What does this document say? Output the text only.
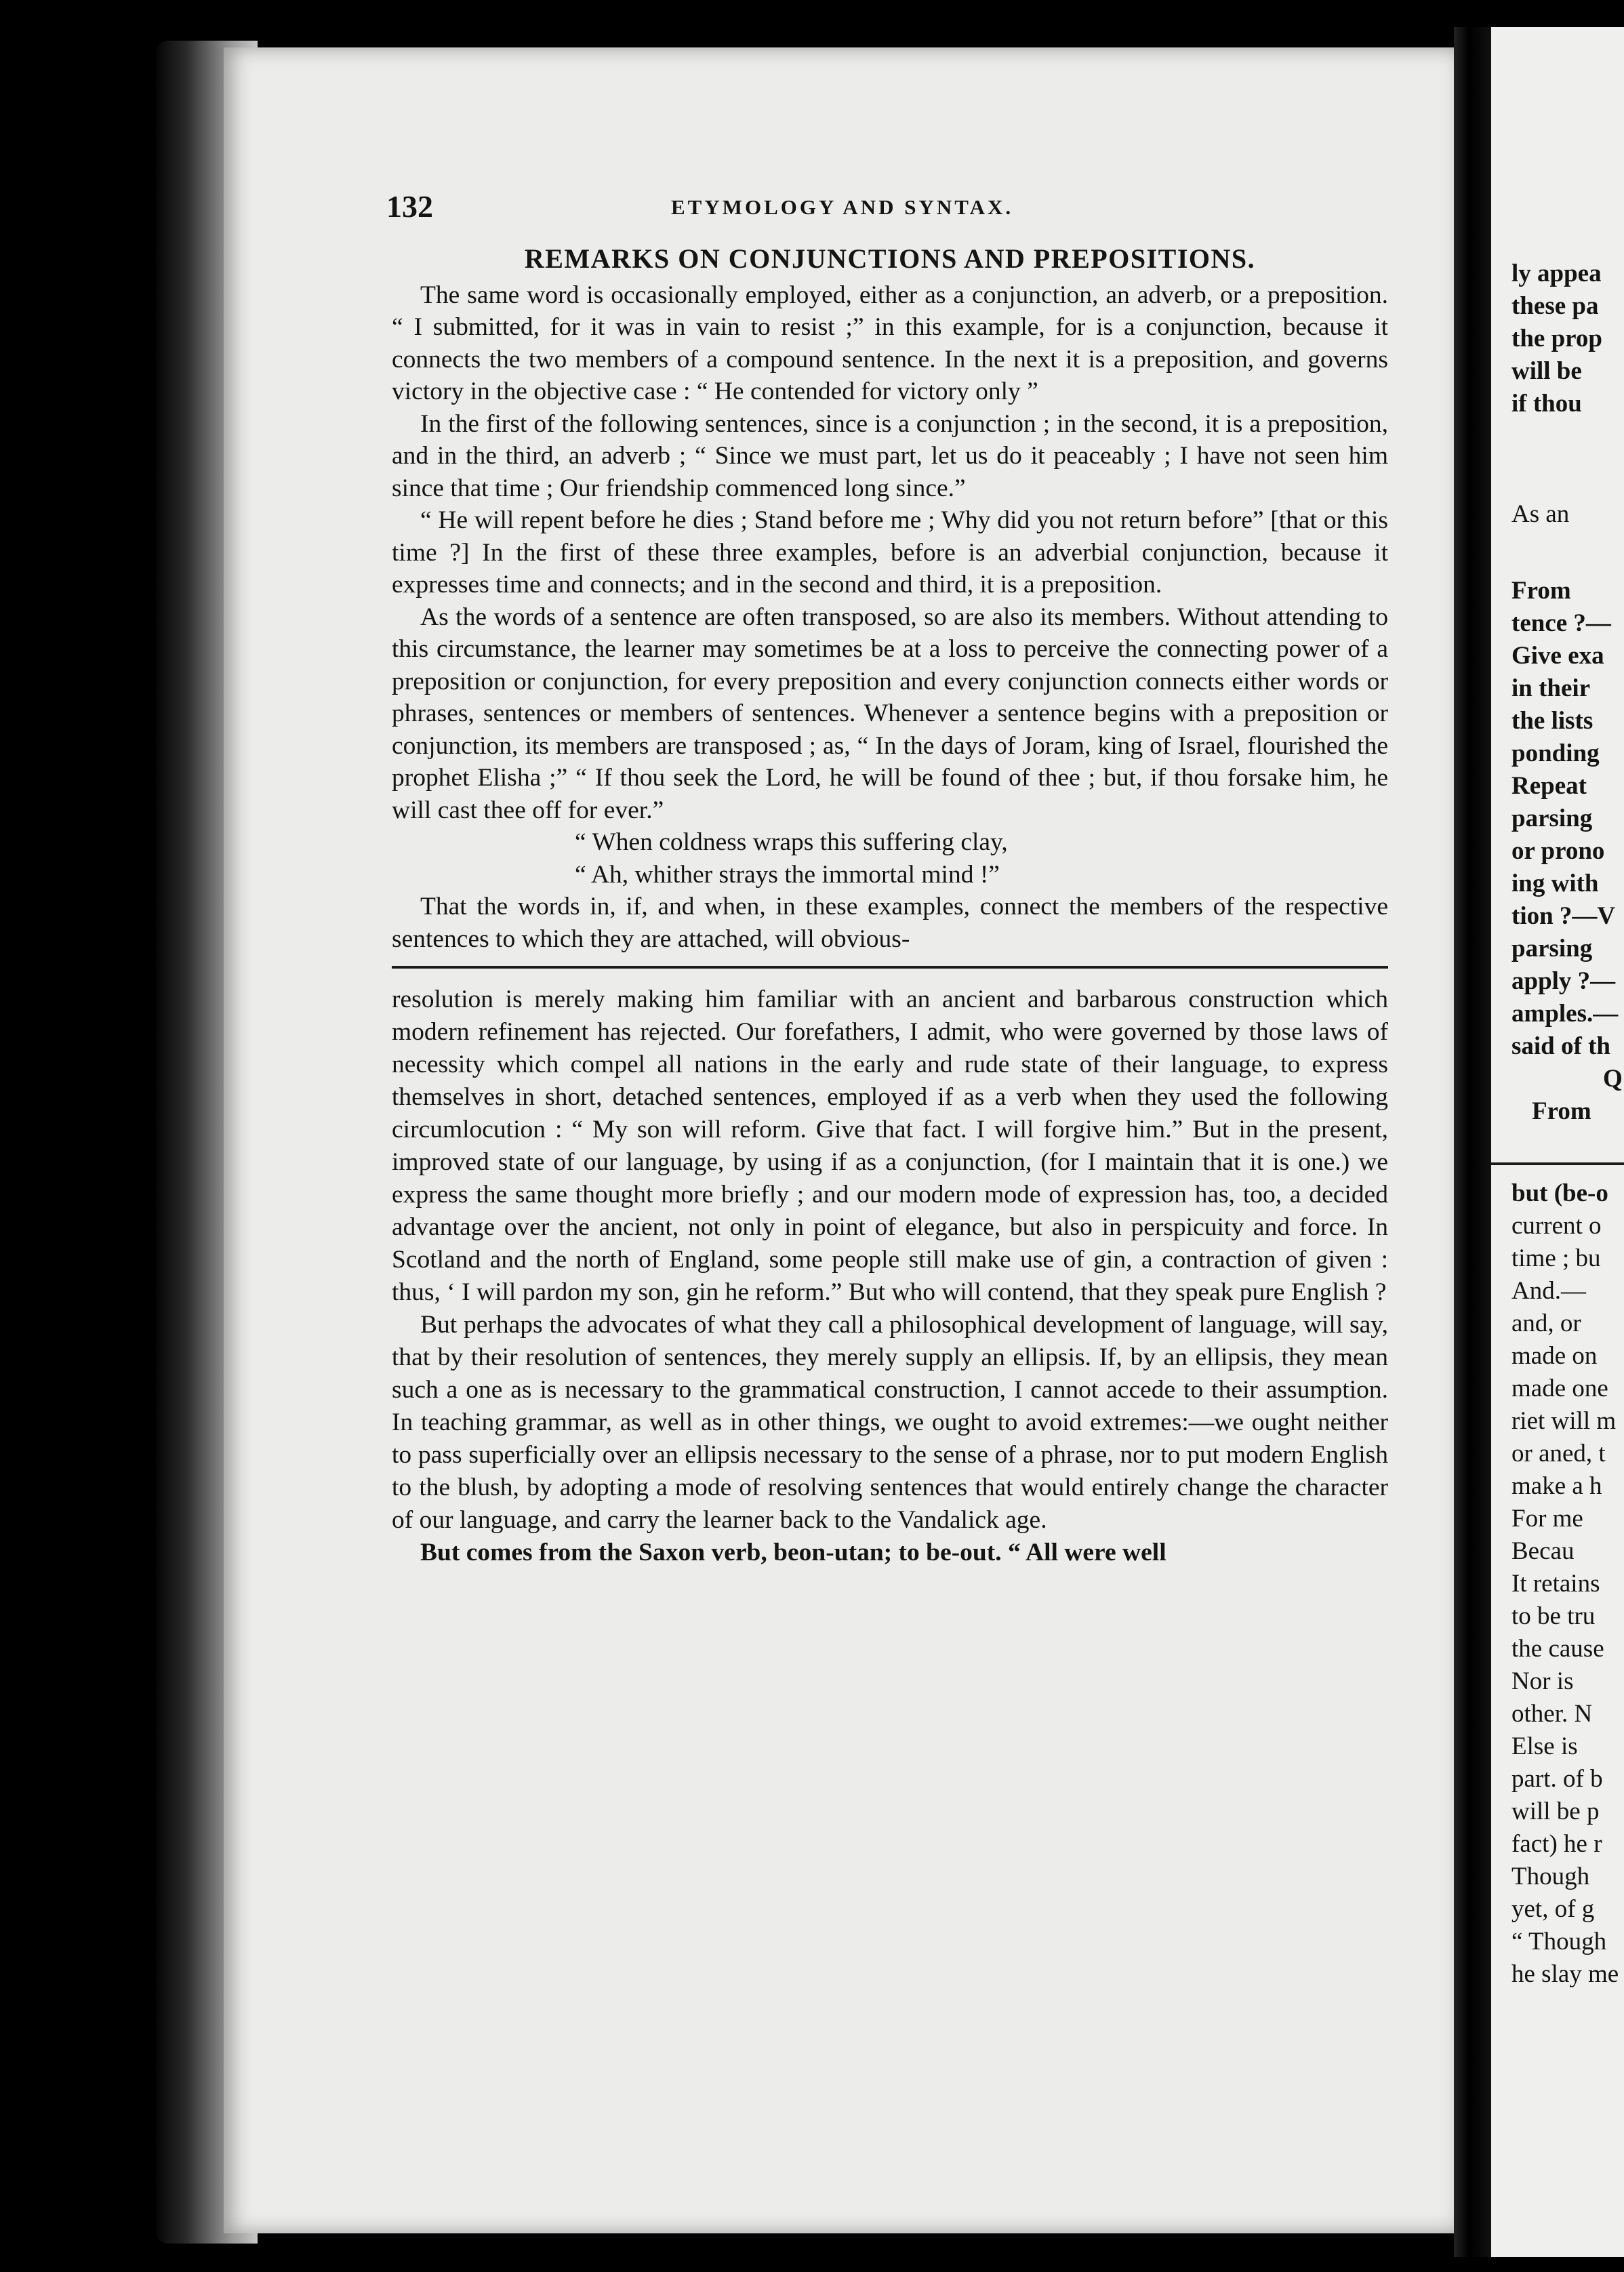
132	ETYMOLOGY AND SYNTAX.
REMARKS ON CONJUNCTIONS AND PREPOSITIONS.

The same word is occasionally employed, either as a conjunction, an adverb, or a preposition. “ I submitted, for it was in vain to resist ;” in this example, for is a conjunction, because it connects the two members of a compound sentence. In the next it is a preposition, and governs victory in the objective case : “ He contended for victory only ”

In the first of the following sentences, since is a conjunction ; in the second, it is a preposition, and in the third, an adverb ; “ Since we must part, let us do it peaceably ; I have not seen him since that time ; Our friendship commenced long since.”

“ He will repent before he dies ; Stand before me ; Why did you not return before” [that or this time ?] In the first of these three examples, before is an adverbial conjunction, because it expresses time and connects; and in the second and third, it is a preposition.

As the words of a sentence are often transposed, so are also its members. Without attending to this circumstance, the learner may sometimes be at a loss to perceive the connecting power of a preposition or conjunction, for every preposition and every conjunction connects either words or phrases, sentences or members of sentences. Whenever a sentence begins with a preposition or conjunction, its members are transposed ; as, “ In the days of Joram, king of Israel, flourished the prophet Elisha ;” “ If thou seek the Lord, he will be found of thee ; but, if thou forsake him, he will cast thee off for ever.”

“ When coldness wraps this suffering clay,
“ Ah, whither strays the immortal mind !”

That the words in, if, and when, in these examples, connect the members of the respective sentences to which they are attached, will obvious-

resolution is merely making him familiar with an ancient and barbarous construction which modern refinement has rejected. Our forefathers, I admit, who were governed by those laws of necessity which compel all nations in the early and rude state of their language, to express themselves in short, detached sentences, employed if as a verb when they used the following circumlocution : “ My son will reform. Give that fact. I will forgive him.” But in the present, improved state of our language, by using if as a conjunction, (for I maintain that it is one.) we express the same thought more briefly ; and our modern mode of expression has, too, a decided advantage over the ancient, not only in point of elegance, but also in perspicuity and force. In Scotland and the north of England, some people still make use of gin, a contraction of given : thus, ‘ I will pardon my son, gin he reform.” But who will contend, that they speak pure English ?

But perhaps the advocates of what they call a philosophical development of language, will say, that by their resolution of sentences, they merely supply an ellipsis. If, by an ellipsis, they mean such a one as is necessary to the grammatical construction, I cannot accede to their assumption. In teaching grammar, as well as in other things, we ought to avoid extremes:—we ought neither to pass superficially over an ellipsis necessary to the sense of a phrase, nor to put modern English to the blush, by adopting a mode of resolving sentences that would entirely change the character of our language, and carry the learner back to the Vandalick age.

But comes from the Saxon verb, beon-utan; to be-out. “ All were well

ly appea
these pa
the prop
will be
if thou
As an
From
tence ?—
Give exa
in their
the lists
ponding
Repeat
parsing
or prono
ing with
tion ?—V
parsing
apply ?—
amples.—
said of th
Q
From
but (be-o
current o
time ; bu
And.—
and, or
made on
made one
riet will m
or aned, t
make a h
For me
Becau
It retains
to be tru
the cause
Nor is
other. N
Else is
part. of b
will be p
fact) he r
Though
yet, of g
“ Though
he slay me
